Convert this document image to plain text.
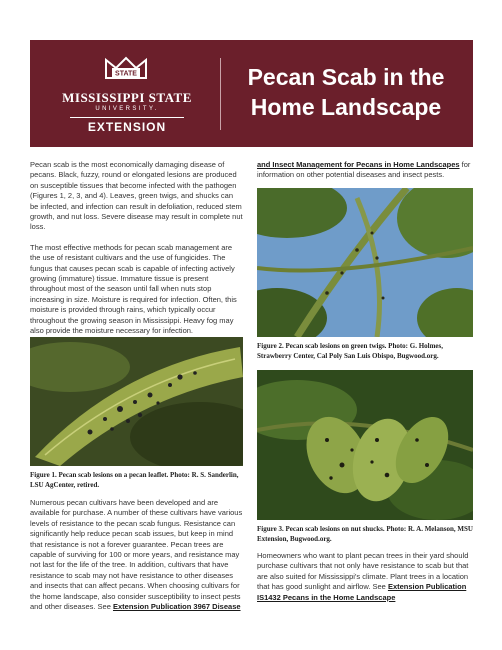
STATE
MISSISSIPPI STATE
UNIVERSITY.
EXTENSION
Pecan Scab in the
Home Landscape

Pecan scab is the most economically damaging disease of pecans. Black, fuzzy, round or elongated lesions are produced on susceptible tissues that become infected with the pathogen (Figures 1, 2, 3, and 4). Leaves, green twigs, and shucks can be infected, and infection can result in defoliation, reduced stem growth, and nut loss. Severe disease may result in complete nut loss.

The most effective methods for pecan scab management are the use of resistant cultivars and the use of fungicides. The fungus that causes pecan scab is capable of infecting actively growing (immature) tissue. Immature tissue is present throughout most of the season until fall when nuts stop increasing in size. Moisture is required for infection. Often, this moisture is provided through rains, which typically occur throughout the growing season in Mississippi. Heavy fog may also provide the moisture necessary for infection.

Figure 1. Pecan scab lesions on a pecan leaflet. Photo: R. S. Sanderlin, LSU AgCenter, retired.

Numerous pecan cultivars have been developed and are available for purchase. A number of these cultivars have various levels of resistance to the pecan scab fungus. Resistance can significantly help reduce pecan scab issues, but keep in mind that resistance is not a forever guarantee. Pecan trees are capable of surviving for 100 or more years, and resistance may not last for the life of the tree. In addition, cultivars that have resistance to scab may not have resistance to other diseases and insects that can affect pecans. When choosing cultivars for the home landscape, also consider susceptibility to insect pests and other diseases. See Extension Publication 3967 Disease

and Insect Management for Pecans in Home Landscapes for information on other potential diseases and insect pests.

Figure 2. Pecan scab lesions on green twigs. Photo: G. Holmes, Strawberry Center, Cal Poly San Luis Obispo, Bugwood.org.
Figure 3. Pecan scab lesions on nut shucks. Photo: R. A. Melanson, MSU Extension, Bugwood.org.

Homeowners who want to plant pecan trees in their yard should purchase cultivars that not only have resistance to scab but that are also suited for Mississippi's climate. Plant trees in a location that has good sunlight and airflow. See Extension Publication IS1432 Pecans in the Home Landscape
